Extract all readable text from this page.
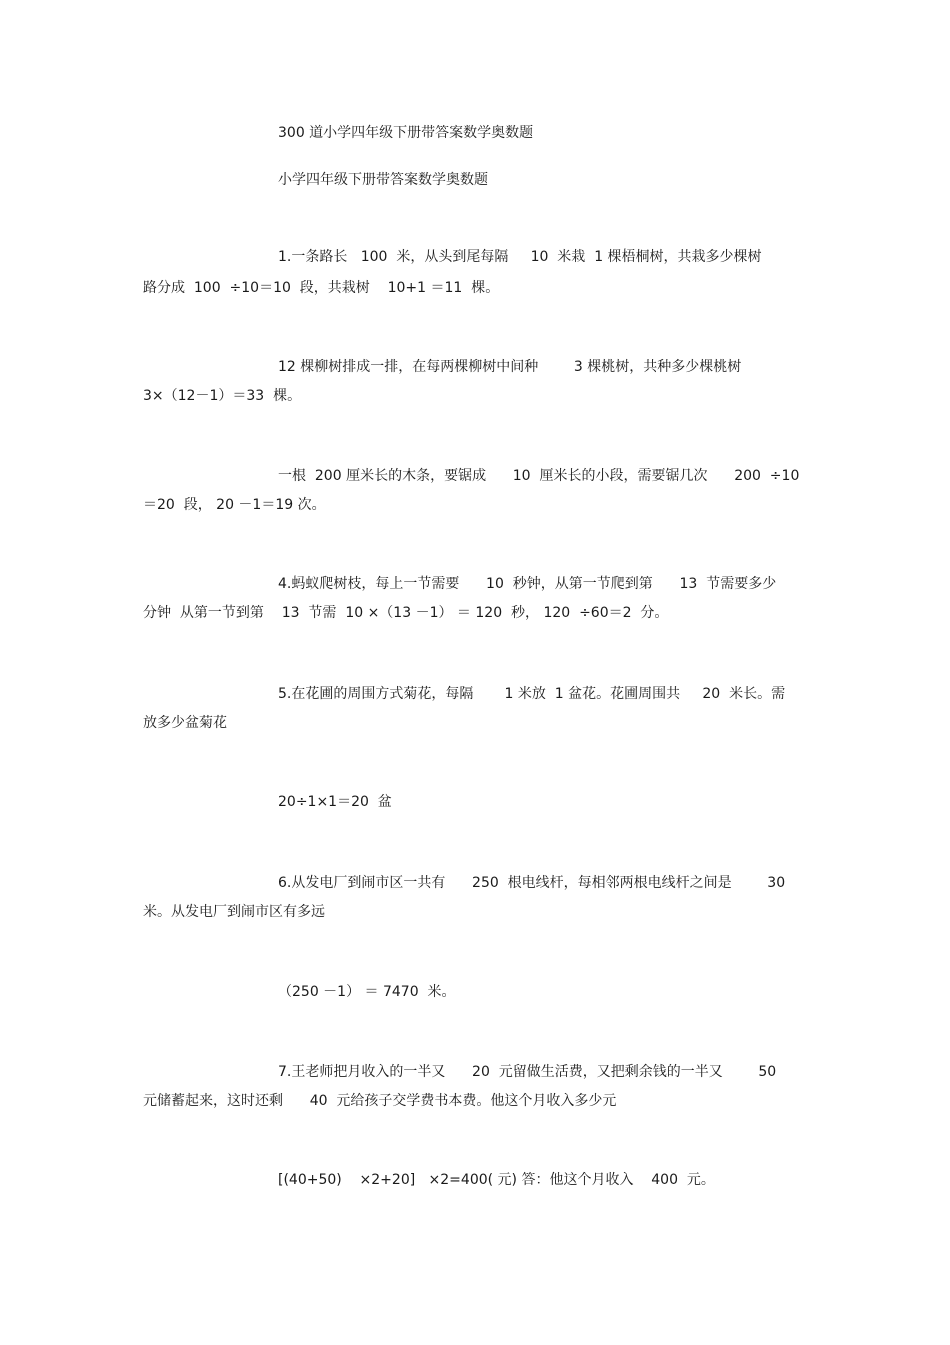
300 道小学四年级下册带答案数学奥数题
小学四年级下册带答案数学奥数题
1.一条路长   100  米，从头到尾每隔     10  米栽  1 棵梧桐树，共栽多少棵树
路分成  100  ÷10＝10  段，共栽树    10+1 ＝11  棵。
12 棵柳树排成一排，在每两棵柳树中间种        3 棵桃树，共种多少棵桃树
3×（12－1）＝33  棵。
一根  200 厘米长的木条，要锯成      10  厘米长的小段，需要锯几次      200  ÷10
＝20  段， 20 －1＝19 次。
4.蚂蚁爬树枝，每上一节需要      10  秒钟，从第一节爬到第      13  节需要多少
分钟  从第一节到第    13  节需  10 ×（13 －1） ＝ 120  秒， 120  ÷60＝2  分。
5.在花圃的周围方式菊花，每隔       1 米放  1 盆花。花圃周围共     20  米长。需
放多少盆菊花
20÷1×1＝20  盆
6.从发电厂到闹市区一共有      250  根电线杆，每相邻两根电线杆之间是        30
米。从发电厂到闹市区有多远
（250 －1） ＝ 7470  米。
7.王老师把月收入的一半又      20  元留做生活费，又把剩余钱的一半又        50
元储蓄起来，这时还剩      40  元给孩子交学费书本费。他这个月收入多少元
[(40+50)    ×2+20]   ×2=400( 元) 答：他这个月收入    400  元。
